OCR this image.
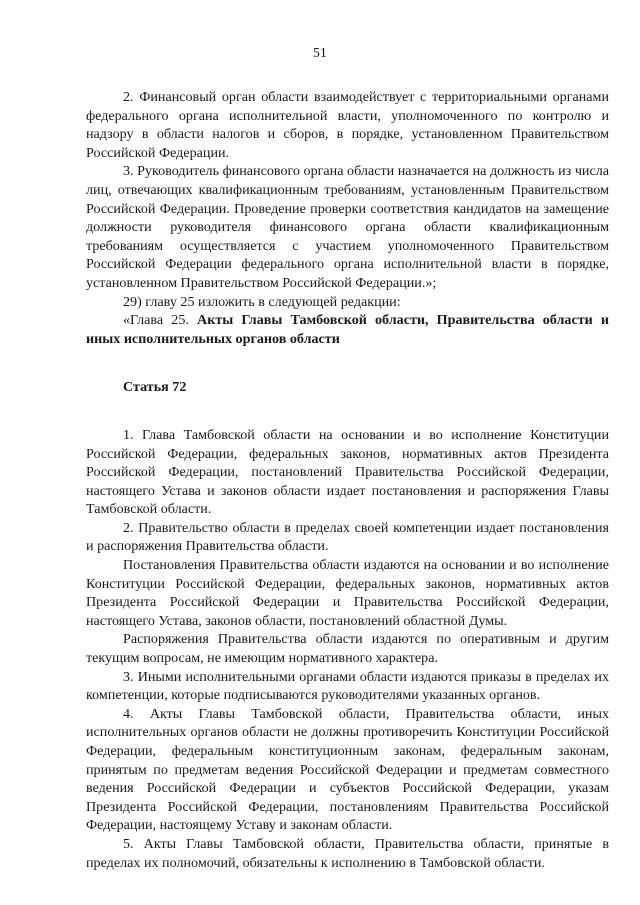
51

2. Финансовый орган области взаимодействует с территориальными органами федерального органа исполнительной власти, уполномоченного по контролю и надзору в области налогов и сборов, в порядке, установленном Правительством Российской Федерации.

3. Руководитель финансового органа области назначается на должность из числа лиц, отвечающих квалификационным требованиям, установленным Правительством Российской Федерации. Проведение проверки соответствия кандидатов на замещение должности руководителя финансового органа области квалификационным требованиям осуществляется с участием уполномоченного Правительством Российской Федерации федерального органа исполнительной власти в порядке, установленном Правительством Российской Федерации.»;

29) главу 25 изложить в следующей редакции:

«Глава 25. Акты Главы Тамбовской области, Правительства области и иных исполнительных органов области

Статья 72

1. Глава Тамбовской области на основании и во исполнение Конституции Российской Федерации, федеральных законов, нормативных актов Президента Российской Федерации, постановлений Правительства Российской Федерации, настоящего Устава и законов области издает постановления и распоряжения Главы Тамбовской области.

2. Правительство области в пределах своей компетенции издает постановления и распоряжения Правительства области.

Постановления Правительства области издаются на основании и во исполнение Конституции Российской Федерации, федеральных законов, нормативных актов Президента Российской Федерации и Правительства Российской Федерации, настоящего Устава, законов области, постановлений областной Думы.

Распоряжения Правительства области издаются по оперативным и другим текущим вопросам, не имеющим нормативного характера.

3. Иными исполнительными органами области издаются приказы в пределах их компетенции, которые подписываются руководителями указанных органов.

4. Акты Главы Тамбовской области, Правительства области, иных исполнительных органов области не должны противоречить Конституции Российской Федерации, федеральным конституционным законам, федеральным законам, принятым по предметам ведения Российской Федерации и предметам совместного ведения Российской Федерации и субъектов Российской Федерации, указам Президента Российской Федерации, постановлениям Правительства Российской Федерации, настоящему Уставу и законам области.

5. Акты Главы Тамбовской области, Правительства области, принятые в пределах их полномочий, обязательны к исполнению в Тамбовской области.
